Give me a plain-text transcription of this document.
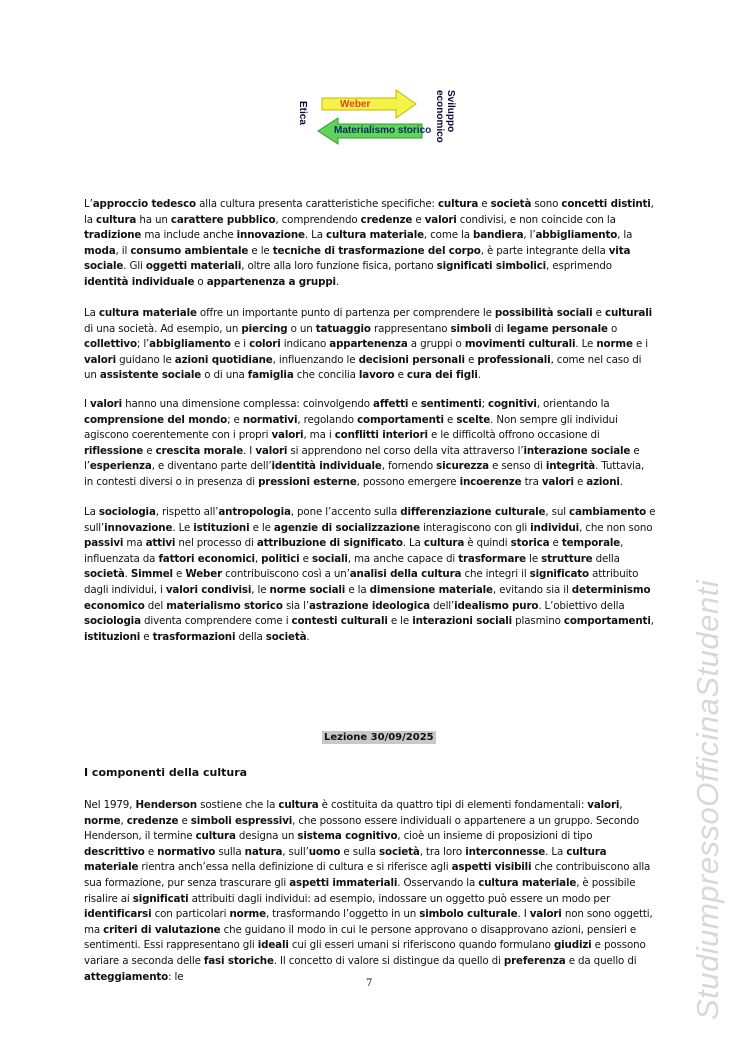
Weber
Materialismo storico
Etica	Sviluppo
economico

L’approccio tedesco alla cultura presenta caratteristiche specifiche: cultura e società sono concetti distinti, la cultura ha un carattere pubblico, comprendendo credenze e valori condivisi, e non coincide con la tradizione ma include anche innovazione. La cultura materiale, come la bandiera, l’abbigliamento, la moda, il consumo ambientale e le tecniche di trasformazione del corpo, è parte integrante della vita sociale. Gli oggetti materiali, oltre alla loro funzione fisica, portano significati simbolici, esprimendo identità individuale o appartenenza a gruppi.

La cultura materiale offre un importante punto di partenza per comprendere le possibilità sociali e culturali di una società. Ad esempio, un piercing o un tatuaggio rappresentano simboli di legame personale o collettivo; l’abbigliamento e i colori indicano appartenenza a gruppi o movimenti culturali. Le norme e i valori guidano le azioni quotidiane, influenzando le decisioni personali e professionali, come nel caso di un assistente sociale o di una famiglia che concilia lavoro e cura dei figli.

I valori hanno una dimensione complessa: coinvolgendo affetti e sentimenti; cognitivi, orientando la comprensione del mondo; e normativi, regolando comportamenti e scelte. Non sempre gli individui agiscono coerentemente con i propri valori, ma i conflitti interiori e le difficoltà offrono occasione di riflessione e crescita morale. I valori si apprendono nel corso della vita attraverso l’interazione sociale e l’esperienza, e diventano parte dell’identità individuale, fornendo sicurezza e senso di integrità. Tuttavia, in contesti diversi o in presenza di pressioni esterne, possono emergere incoerenze tra valori e azioni.

La sociologia, rispetto all’antropologia, pone l’accento sulla differenziazione culturale, sul cambiamento e sull’innovazione. Le istituzioni e le agenzie di socializzazione interagiscono con gli individui, che non sono passivi ma attivi nel processo di attribuzione di significato. La cultura è quindi storica e temporale, influenzata da fattori economici, politici e sociali, ma anche capace di trasformare le strutture della società. Simmel e Weber contribuiscono così a un’analisi della cultura che integri il significato attribuito dagli individui, i valori condivisi, le norme sociali e la dimensione materiale, evitando sia il determinismo economico del materialismo storico sia l’astrazione ideologica dell’idealismo puro. L’obiettivo della sociologia diventa comprendere come i contesti culturali e le interazioni sociali plasmino comportamenti, istituzioni e trasformazioni della società.

Lezione 30/09/2025
I componenti della cultura

Nel 1979, Henderson sostiene che la cultura è costituita da quattro tipi di elementi fondamentali: valori, norme, credenze e simboli espressivi, che possono essere individuali o appartenere a un gruppo. Secondo Henderson, il termine cultura designa un sistema cognitivo, cioè un insieme di proposizioni di tipo descrittivo e normativo sulla natura, sull’uomo e sulla società, tra loro interconnesse. La cultura materiale rientra anch’essa nella definizione di cultura e si riferisce agli aspetti visibili che contribuiscono alla sua formazione, pur senza trascurare gli aspetti immateriali. Osservando la cultura materiale, è possibile risalire ai significati attribuiti dagli individui: ad esempio, indossare un oggetto può essere un modo per identificarsi con particolari norme, trasformando l’oggetto in un simbolo culturale. I valori non sono oggetti, ma criteri di valutazione che guidano il modo in cui le persone approvano o disapprovano azioni, pensieri e sentimenti. Essi rappresentano gli ideali cui gli esseri umani si riferiscono quando formulano giudizi e possono variare a seconda delle fasi storiche. Il concetto di valore si distingue da quello di preferenza e da quello di atteggiamento: le

7	StudiumpressoOfficinaStudenti
